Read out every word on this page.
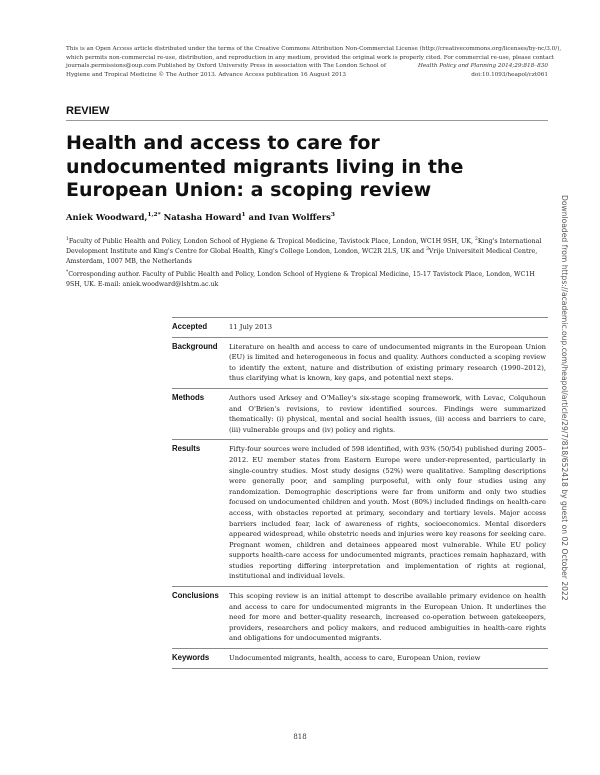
This is an Open Access article distributed under the terms of the Creative Commons Attribution Non-Commercial License (http://creativecommons.org/licenses/by-nc/3.0/),
which permits non-commercial re-use, distribution, and reproduction in any medium, provided the original work is properly cited. For commercial re-use, please contact
journals.permissions@oup.com Published by Oxford University Press in association with The London School of	Health Policy and Planning 2014;29:818–830
Hygiene and Tropical Medicine © The Author 2013. Advance Access publication 16 August 2013	doi:10.1093/heapol/czt061
REVIEW
Health and access to care for undocumented migrants living in the European Union: a scoping review
Aniek Woodward,$^{1,2*}$ Natasha Howard$^1$ and Ivan Wolffers$^3$
$^1$Faculty of Public Health and Policy, London School of Hygiene & Tropical Medicine, Tavistock Place, London, WC1H 9SH, UK, $^2$King's International Development Institute and King's Centre for Global Health, King's College London, London, WC2R 2LS, UK and $^3$Vrije Universiteit Medical Centre, Amsterdam, 1007 MB, the Netherlands
*Corresponding author. Faculty of Public Health and Policy, London School of Hygiene & Tropical Medicine, 15-17 Tavistock Place, London, WC1H 9SH, UK. E-mail: aniek.woodward@lshtm.ac.uk
Accepted	11 July 2013
Background	Literature on health and access to care of undocumented migrants in the European Union (EU) is limited and heterogeneous in focus and quality. Authors conducted a scoping review to identify the extent, nature and distribution of existing primary research (1990–2012), thus clarifying what is known, key gaps, and potential next steps.
Methods	Authors used Arksey and O'Malley's six-stage scoping framework, with Levac, Colquhoun and O'Brien's revisions, to review identified sources. Findings were summarized thematically: (i) physical, mental and social health issues, (ii) access and barriers to care, (iii) vulnerable groups and (iv) policy and rights.
Results	Fifty-four sources were included of 598 identified, with 93% (50/54) published during 2005–2012. EU member states from Eastern Europe were under-represented, particularly in single-country studies. Most study designs (52%) were qualitative. Sampling descriptions were generally poor, and sampling purposeful, with only four studies using any randomization. Demographic descriptions were far from uniform and only two studies focused on undocumented children and youth. Most (80%) included findings on health-care access, with obstacles reported at primary, secondary and tertiary levels. Major access barriers included fear, lack of awareness of rights, socioeconomics. Mental disorders appeared widespread, while obstetric needs and injuries were key reasons for seeking care. Pregnant women, children and detainees appeared most vulnerable. While EU policy supports health-care access for undocumented migrants, practices remain haphazard, with studies reporting differing interpretation and implementation of rights at regional, institutional and individual levels.
Conclusions	This scoping review is an initial attempt to describe available primary evidence on health and access to care for undocumented migrants in the European Union. It underlines the need for more and better-quality research, increased co-operation between gatekeepers, providers, researchers and policy makers, and reduced ambiguities in health-care rights and obligations for undocumented migrants.
Keywords	Undocumented migrants, health, access to care, European Union, review
Downloaded from https://academic.oup.com/heapol/article/29/7/818/652418 by guest on 02 October 2022
818
